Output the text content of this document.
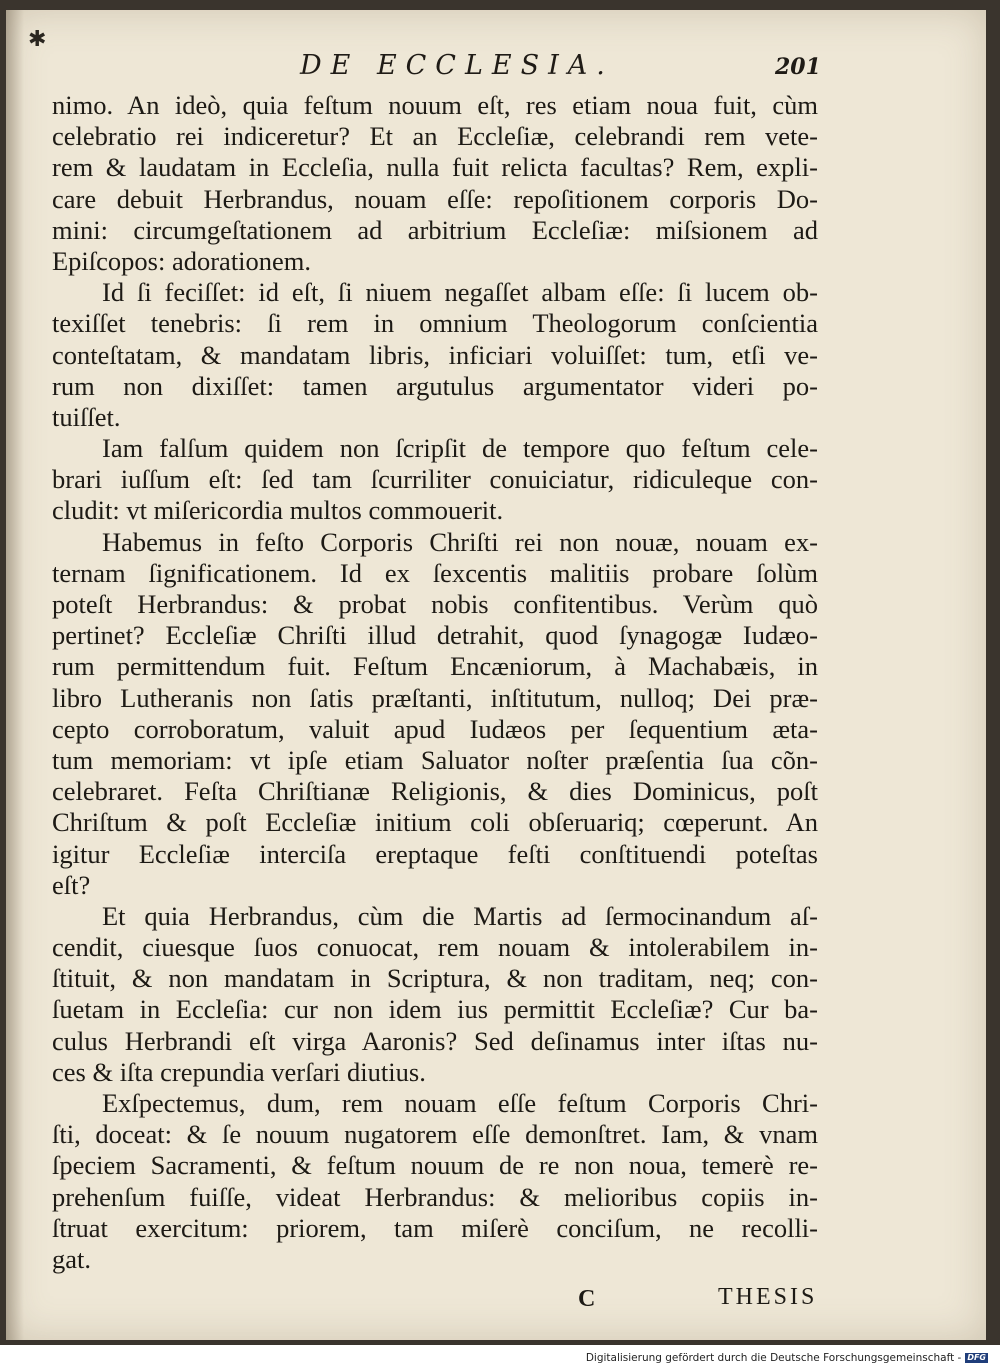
✱
DE ECCLESIA.	201
nimo. An ideò, quia feſtum nouum eſt, res etiam noua fuit, cùm
celebratio rei indiceretur? Et an Eccleſiæ, celebrandi rem vete-
rem & laudatam in Eccleſia, nulla fuit relicta facultas? Rem, expli-
care debuit Herbrandus, nouam eſſe: repoſitionem corporis Do-
mini: circumgeſtationem ad arbitrium Eccleſiæ: miſsionem ad
Epiſcopos: adorationem.
Id ſi feciſſet: id eſt, ſi niuem negaſſet albam eſſe: ſi lucem ob-
texiſſet tenebris: ſi rem in omnium Theologorum conſcientia
conteſtatam, & mandatam libris, inficiari voluiſſet: tum, etſi ve-
rum non dixiſſet: tamen argutulus argumentator videri po-
tuiſſet.
Iam falſum quidem non ſcripſit de tempore quo feſtum cele-
brari iuſſum eſt: ſed tam ſcurriliter conuiciatur, ridiculeque con-
cludit: vt miſericordia multos commouerit.
Habemus in feſto Corporis Chriſti rei non nouæ, nouam ex-
ternam ſignificationem. Id ex ſexcentis malitiis probare ſolùm
poteſt Herbrandus: & probat nobis confitentibus. Verùm quò
pertinet? Eccleſiæ Chriſti illud detrahit, quod ſynagogæ Iudæo-
rum permittendum fuit. Feſtum Encæniorum, à Machabæis, in
libro Lutheranis non ſatis præſtanti, inſtitutum, nulloq; Dei præ-
cepto corroboratum, valuit apud Iudæos per ſequentium æta-
tum memoriam: vt ipſe etiam Saluator noſter præſentia ſua cõn-
celebraret. Feſta Chriſtianæ Religionis, & dies Dominicus, poſt
Chriſtum & poſt Eccleſiæ initium coli obſeruariq; cœperunt. An
igitur Eccleſiæ interciſa ereptaque feſti conſtituendi poteſtas
eſt?
Et quia Herbrandus, cùm die Martis ad ſermocinandum aſ-
cendit, ciuesque ſuos conuocat, rem nouam & intolerabilem in-
ſtituit, & non mandatam in Scriptura, & non traditam, neq; con-
ſuetam in Eccleſia: cur non idem ius permittit Eccleſiæ? Cur ba-
culus Herbrandi eſt virga Aaronis? Sed deſinamus inter iſtas nu-
ces & iſta crepundia verſari diutius.
Exſpectemus, dum, rem nouam eſſe feſtum Corporis Chri-
ſti, doceat: & ſe nouum nugatorem eſſe demonſtret. Iam, & vnam
ſpeciem Sacramenti, & feſtum nouum de re non noua, temerè re-
prehenſum fuiſſe, videat Herbrandus: & melioribus copiis in-
ſtruat exercitum: priorem, tam miſerè conciſum, ne recolli-
gat.
C	THESIS
Digitalisierung gefördert durch die Deutsche Forschungsgemeinschaft - DFG
